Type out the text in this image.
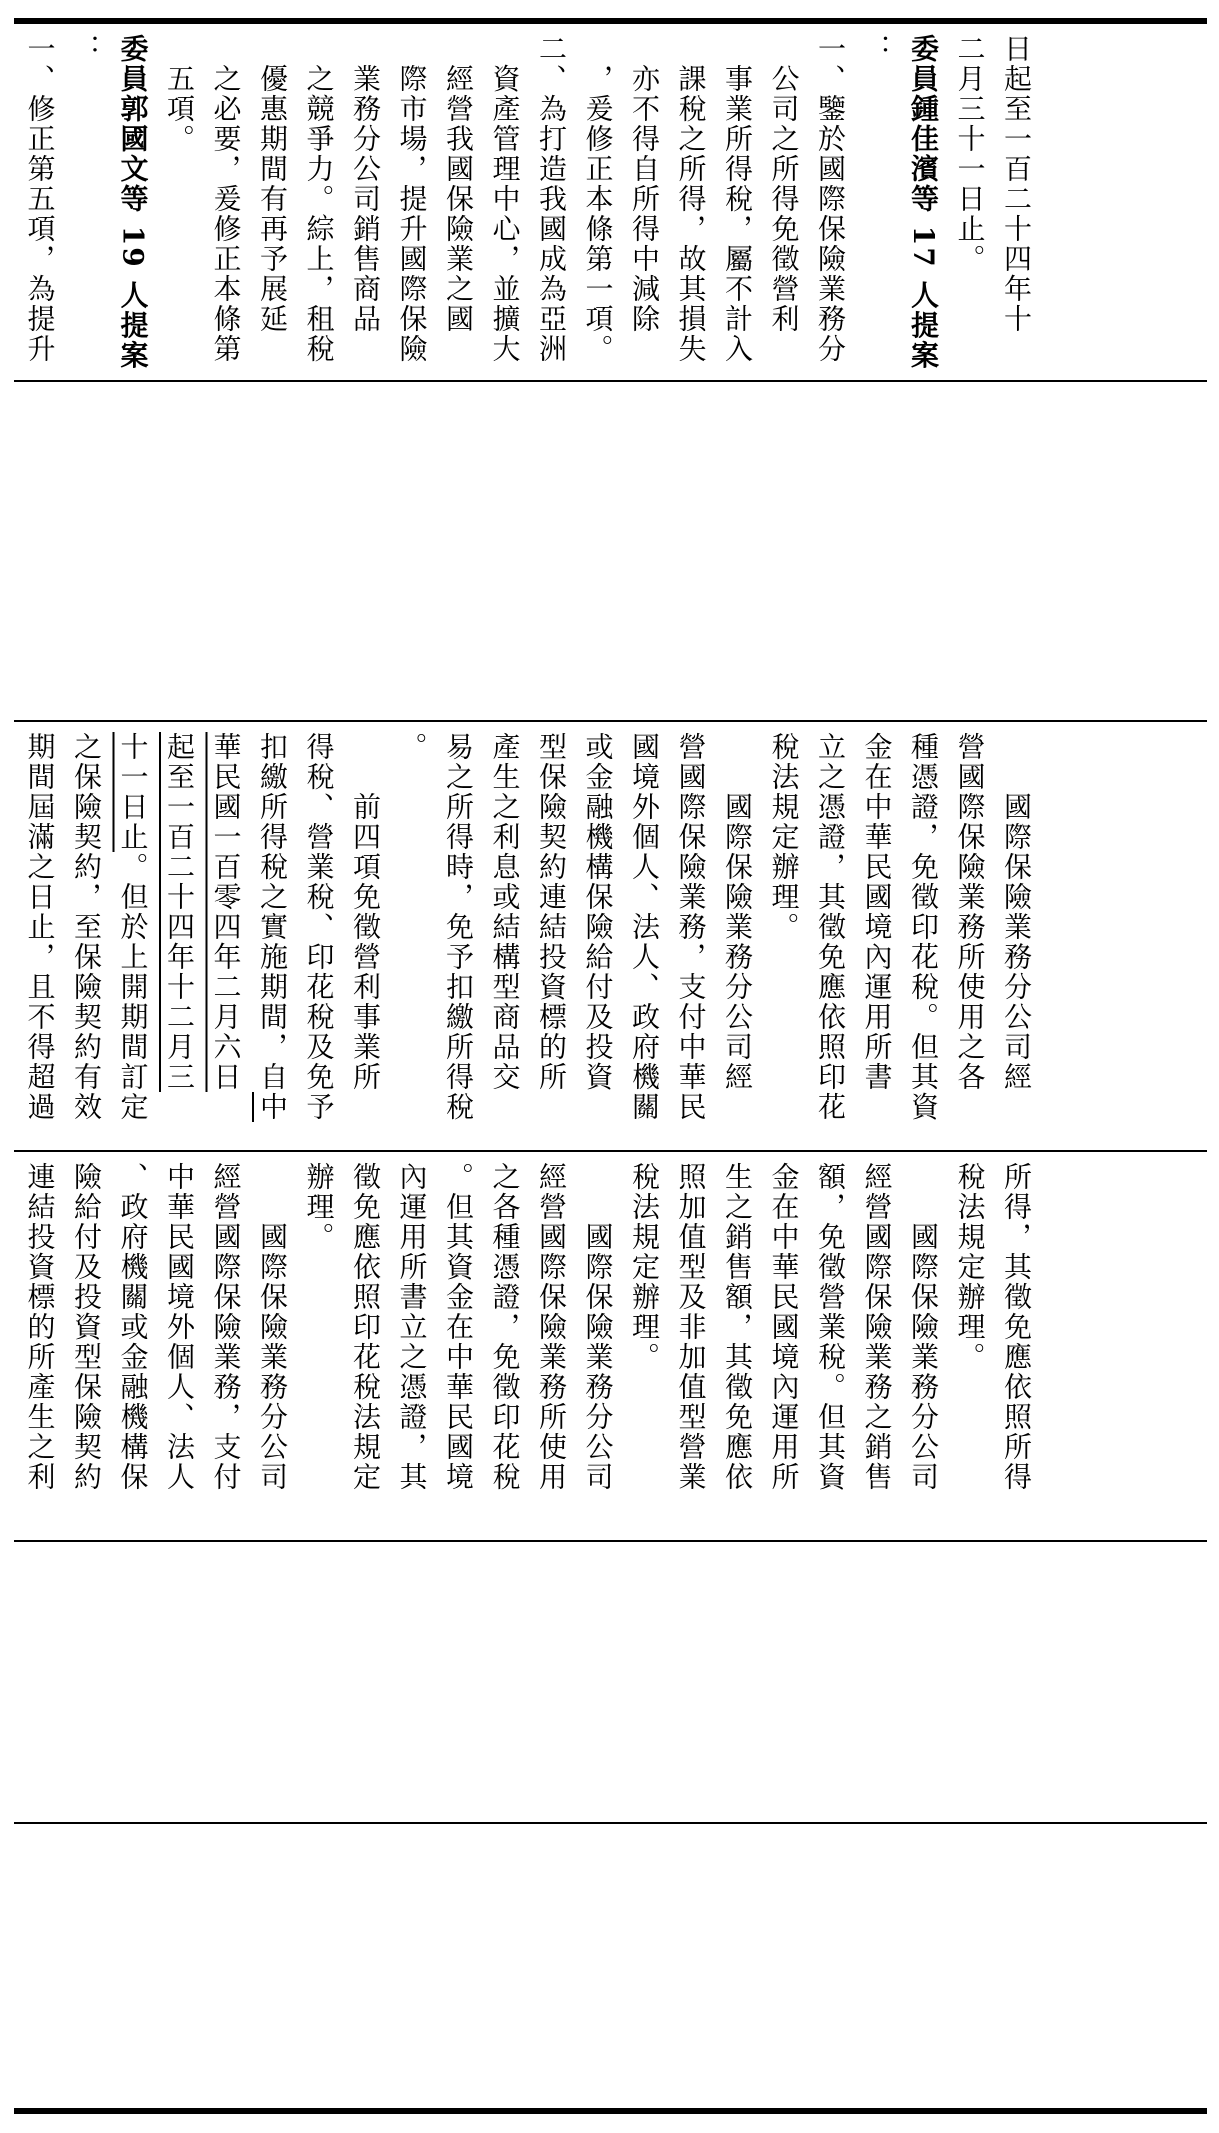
日起至一百二十四年十

二月三十一日止。

委員鍾佳濱等 17 人提案

：

一、鑒於國際保險業務分

　公司之所得免徵營利

　事業所得稅，屬不計入

　課稅之所得，故其損失

　亦不得自所得中減除

　，爰修正本條第一項。

二、為打造我國成為亞洲

　資產管理中心，並擴大

　經營我國保險業之國

　際市場，提升國際保險

　業務分公司銷售商品

　之競爭力。綜上，租稅

　優惠期間有再予展延

　之必要，爰修正本條第

　五項。

委員郭國文等 19 人提案

：

一、修正第五項，為提升

　　國際保險業務分公司經

營國際保險業務所使用之各

種憑證，免徵印花稅。但其資

金在中華民國境內運用所書

立之憑證，其徵免應依照印花

稅法規定辦理。

　　國際保險業務分公司經

營國際保險業務，支付中華民

國境外個人、法人、政府機關

或金融機構保險給付及投資

型保險契約連結投資標的所

產生之利息或結構型商品交

易之所得時，免予扣繳所得稅

。

　　前四項免徵營利事業所

得稅、營業稅、印花稅及免予

扣繳所得稅之實施期間，自中

華民國一百零四年二月六日

起至一百二十四年十二月三

十一日止。但於上開期間訂定

之保險契約，至保險契約有效

期間屆滿之日止，且不得超過

所得，其徵免應依照所得

稅法規定辦理。

　　國際保險業務分公司

經營國際保險業務之銷售

額，免徵營業稅。但其資

金在中華民國境內運用所

生之銷售額，其徵免應依

照加值型及非加值型營業

稅法規定辦理。

　　國際保險業務分公司

經營國際保險業務所使用

之各種憑證，免徵印花稅

。但其資金在中華民國境

內運用所書立之憑證，其

徵免應依照印花稅法規定

辦理。

　　國際保險業務分公司

經營國際保險業務，支付

中華民國境外個人、法人

、政府機關或金融機構保

險給付及投資型保險契約

連結投資標的所產生之利
